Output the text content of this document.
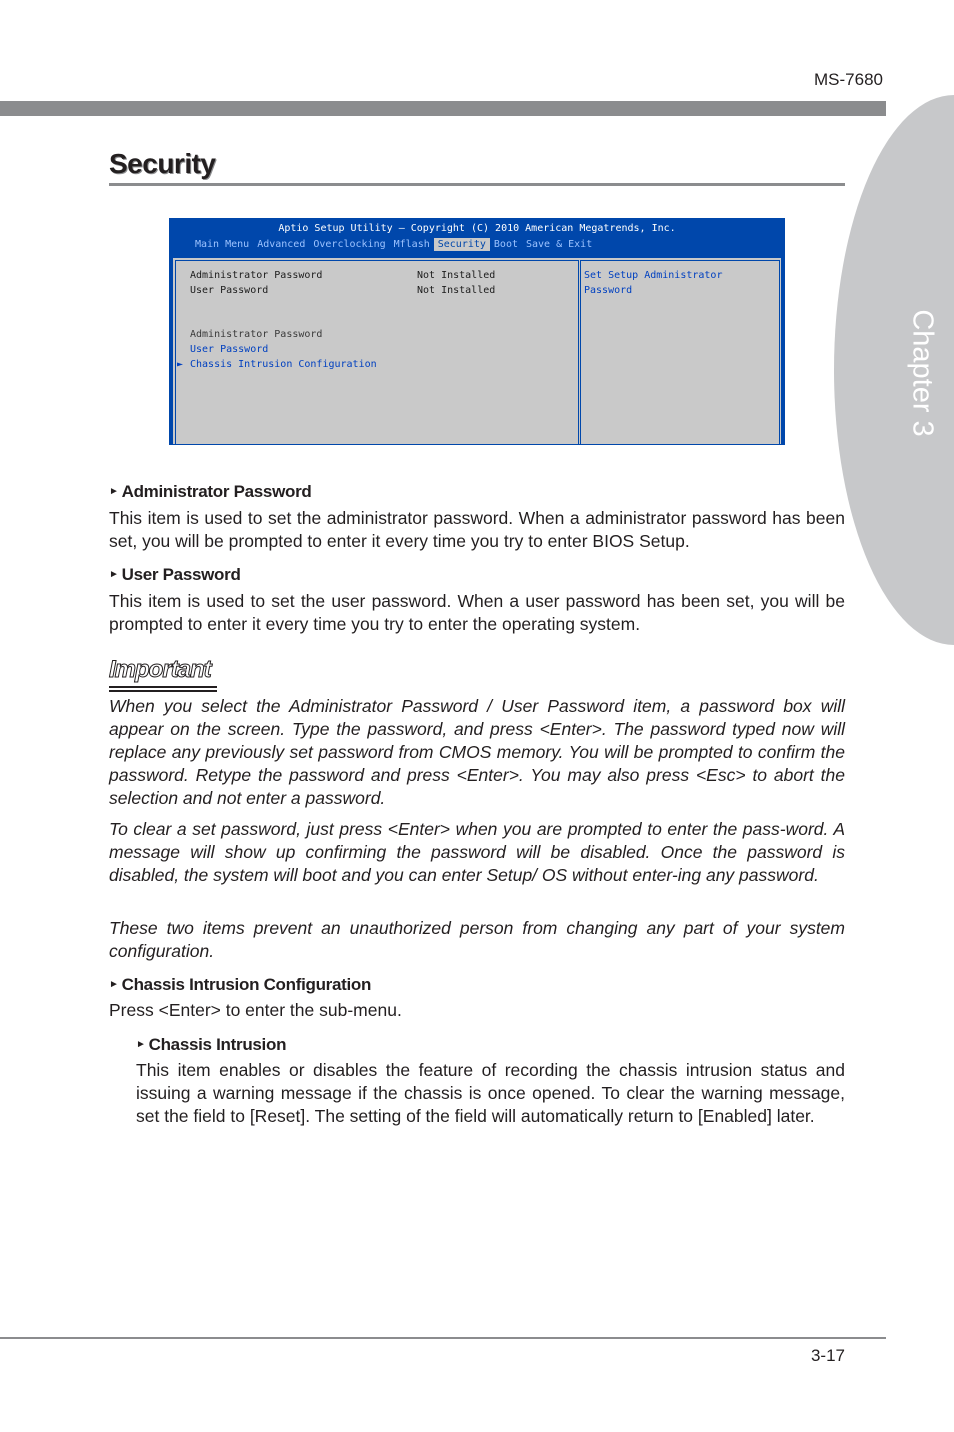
MS-7680
Chapter 3
Security
Aptio Setup Utility – Copyright (C) 2010 American Megatrends, Inc.
Main Menu Advanced Overclocking Mflash Security Boot Save & Exit
Administrator Password	Not Installed
User Password	Not Installed
Administrator Password
User Password
► Chassis Intrusion Configuration
Set Setup Administrator Password
► Administrator Password
This item is used to set the administrator password. When a administrator password has been set, you will be prompted to enter it every time you try to enter BIOS Setup.
► User Password
This item is used to set the user password. When a user password has been set, you will be prompted to enter it every time you try to enter the operating system.
Important
When you select the Administrator Password / User Password item, a password box will appear on the screen. Type the password, and press <Enter>. The password typed now will replace any previously set password from CMOS memory. You will be prompted to confirm the password. Retype the password and press <Enter>. You may also press <Esc> to abort the selection and not enter a password.
To clear a set password, just press <Enter> when you are prompted to enter the pass-word. A message will show up confirming the password will be disabled. Once the password is disabled, the system will boot and you can enter Setup/ OS without enter-ing any password.
These two items prevent an unauthorized person from changing any part of your system configuration.
► Chassis Intrusion Configuration
Press <Enter> to enter the sub-menu.
► Chassis Intrusion
This item enables or disables the feature of recording the chassis intrusion status and issuing a warning message if the chassis is once opened. To clear the warning message, set the field to [Reset]. The setting of the field will automatically return to [Enabled] later.
3-17
